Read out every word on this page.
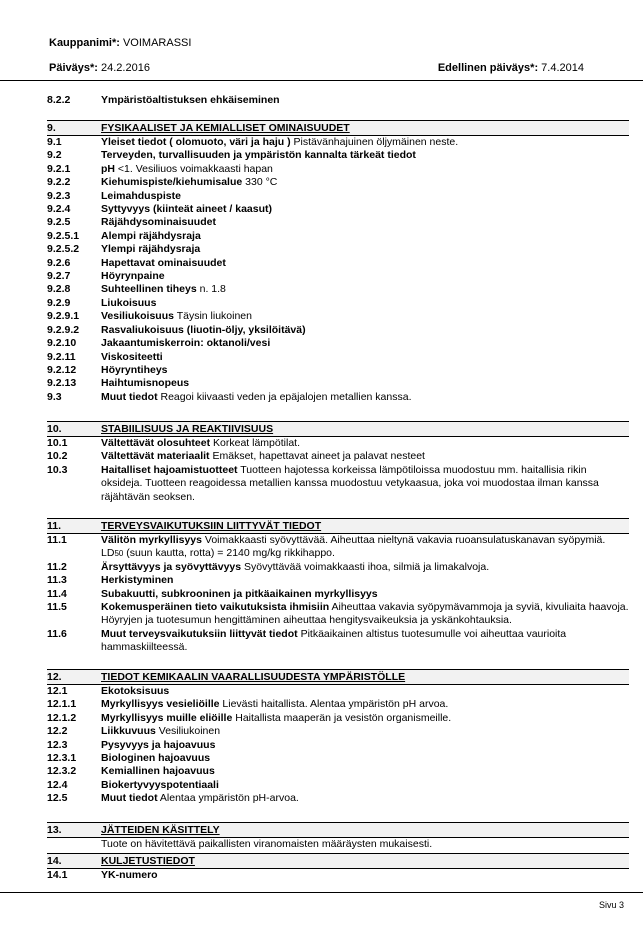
Kauppanimi*: VOIMARASSI
Päiväys*: 24.2.2016	Edellinen päiväys*: 7.4.2014
8.2.2	Ympäristöaltistuksen ehkäiseminen
9.	FYSIKAALISET JA KEMIALLISET OMINAISUUDET
9.1	Yleiset tiedot ( olomuoto, väri ja haju ) Pistävänhajuinen öljymäinen neste.
9.2	Terveyden, turvallisuuden ja ympäristön kannalta tärkeät tiedot
9.2.1	pH <1. Vesiliuos voimakkaasti hapan
9.2.2	Kiehumispiste/kiehumisalue 330 °C
9.2.3	Leimahduspiste
9.2.4	Syttyvyys (kiinteät aineet / kaasut)
9.2.5	Räjähdysominaisuudet
9.2.5.1	Alempi räjähdysraja
9.2.5.2	Ylempi räjähdysraja
9.2.6	Hapettavat ominaisuudet
9.2.7	Höyrynpaine
9.2.8	Suhteellinen tiheys n. 1.8
9.2.9	Liukoisuus
9.2.9.1	Vesiliukoisuus Täysin liukoinen
9.2.9.2	Rasvaliukoisuus (liuotin-öljy, yksilöitävä)
9.2.10	Jakaantumiskerroin: oktanoli/vesi
9.2.11	Viskositeetti
9.2.12	Höyryntiheys
9.2.13	Haihtumisnopeus
9.3	Muut tiedot Reagoi kiivaasti veden ja epäjalojen metallien kanssa.
10.	STABIILISUUS JA REAKTIIVISUUS
10.1	Vältettävät olosuhteet Korkeat lämpötilat.
10.2	Vältettävät materiaalit Emäkset, hapettavat aineet ja palavat nesteet
10.3	Haitalliset hajoamistuotteet Tuotteen hajotessa korkeissa lämpötiloissa muodostuu mm. haitallisia rikin oksideja. Tuotteen reagoidessa metallien kanssa muodostuu vetykaasua, joka voi muodostaa ilman kanssa räjähtävän seoksen.
11.	TERVEYSVAIKUTUKSIIN LIITTYVÄT TIEDOT
11.1	Välitön myrkyllisyys Voimakkaasti syövyttävää. Aiheuttaa nieltynä vakavia ruoansulatuskanavan syöpymiä. LD50 (suun kautta, rotta) = 2140 mg/kg rikkihappo.
11.2	Ärsyttävyys ja syövyttävyys Syövyttävää voimakkaasti ihoa, silmiä ja limakalvoja.
11.3	Herkistyminen
11.4	Subakuutti, subkrooninen ja pitkäaikainen myrkyllisyys
11.5	Kokemusperäinen tieto vaikutuksista ihmisiin Aiheuttaa vakavia syöpymävammoja ja syviä, kivuliaita haavoja. Höyryjen ja tuotesumun hengittäminen aiheuttaa hengitysvaikeuksia ja yskänkohtauksia.
11.6	Muut terveysvaikutuksiin liittyvät tiedot Pitkäaikainen altistus tuotesumulle voi aiheuttaa vaurioita hammaskiilteessä.
12.	TIEDOT KEMIKAALIN VAARALLISUUDESTA YMPÄRISTÖLLE
12.1	Ekotoksisuus
12.1.1	Myrkyllisyys vesieliöille Lievästi haitallista. Alentaa ympäristön pH arvoa.
12.1.2	Myrkyllisyys muille eliöille Haitallista maaperän ja vesistön organismeille.
12.2	Liikkuvuus Vesiliukoinen
12.3	Pysyvyys ja hajoavuus
12.3.1	Biologinen hajoavuus
12.3.2	Kemiallinen hajoavuus
12.4	Biokertyvyyspotentiaali
12.5	Muut tiedot Alentaa ympäristön pH-arvoa.
13.	JÄTTEIDEN KÄSITTELY
Tuote on hävitettävä paikallisten viranomaisten määräysten mukaisesti.
14.	KULJETUSTIEDOT
14.1	YK-numero
Sivu 3
